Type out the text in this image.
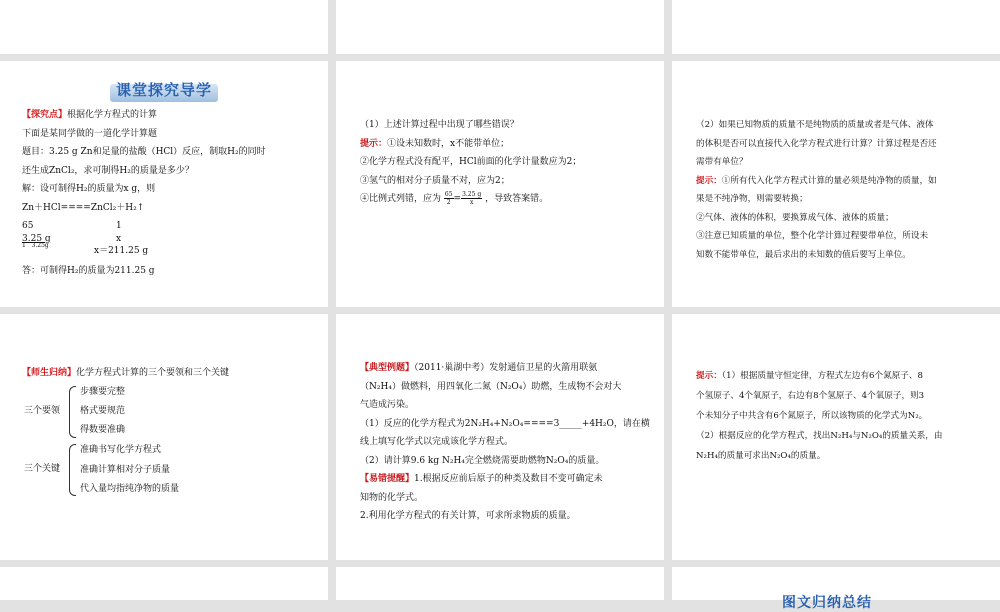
课堂探究导学
【探究点】根据化学方程式的计算
下面是某同学做的一道化学计算题
题目：3.25 g Zn和足量的盐酸（HCl）反应，制取H₂的同时
还生成ZnCl₂，求可制得H₂的质量是多少？
解：设可制得H₂的质量为x g，则
Zn＋HCl====ZnCl₂＋H₂↑
65	1
3.25 g	x
1 3.25g
x＝211.25 g
答：可制得H₂的质量为211.25 g
（1）上述计算过程中出现了哪些错误？
提示：①设未知数时，x不能带单位；
②化学方程式没有配平，HCl前面的化学计量数应为2；
③氢气的相对分子质量不对，应为2；
④比例式列错，应为 $\frac{65}{2} = \frac{3.25 g}{x}$ ，导致答案错。
（2）如果已知物质的质量不是纯物质的质量或者是气体、液体
的体积是否可以直接代入化学方程式进行计算？计算过程是否还
需带有单位？
提示：①所有代入化学方程式计算的量必须是纯净物的质量，如
果是不纯净物，则需要转换；
②气体、液体的体积，要换算成气体、液体的质量；
③注意已知质量的单位，整个化学计算过程要带单位，所设未
知数不能带单位，最后求出的未知数的值后要写上单位。
【师生归纳】化学方程式计算的三个要领和三个关键
三个要领
步骤要完整
格式要规范
得数要准确
三个关键
准确书写化学方程式
准确计算相对分子质量
代入量均指纯净物的质量
【典型例题】（2011·巢湖中考）发射通信卫星的火箭用联氨
（N₂H₄）做燃料，用四氧化二氮（N₂O₄）助燃，生成物不会对大
气造成污染。
（1）反应的化学方程式为2N₂H₄+N₂O₄====3_____+4H₂O，请在横
线上填写化学式以完成该化学方程式。
（2）请计算9.6 kg N₂H₄完全燃烧需要助燃物N₂O₄的质量。
【易错提醒】1.根据反应前后原子的种类及数目不变可确定未
知物的化学式。
2.利用化学方程式的有关计算，可求所求物质的质量。
提示：（1）根据质量守恒定律，方程式左边有6个氮原子、8
个氢原子、4个氧原子，右边有8个氢原子、4个氧原子，则3
个未知分子中共含有6个氮原子，所以该物质的化学式为N₂。
（2）根据反应的化学方程式，找出N₂H₄与N₂O₄的质量关系，由
N₂H₄的质量可求出N₂O₄的质量。
图文归纳总结
